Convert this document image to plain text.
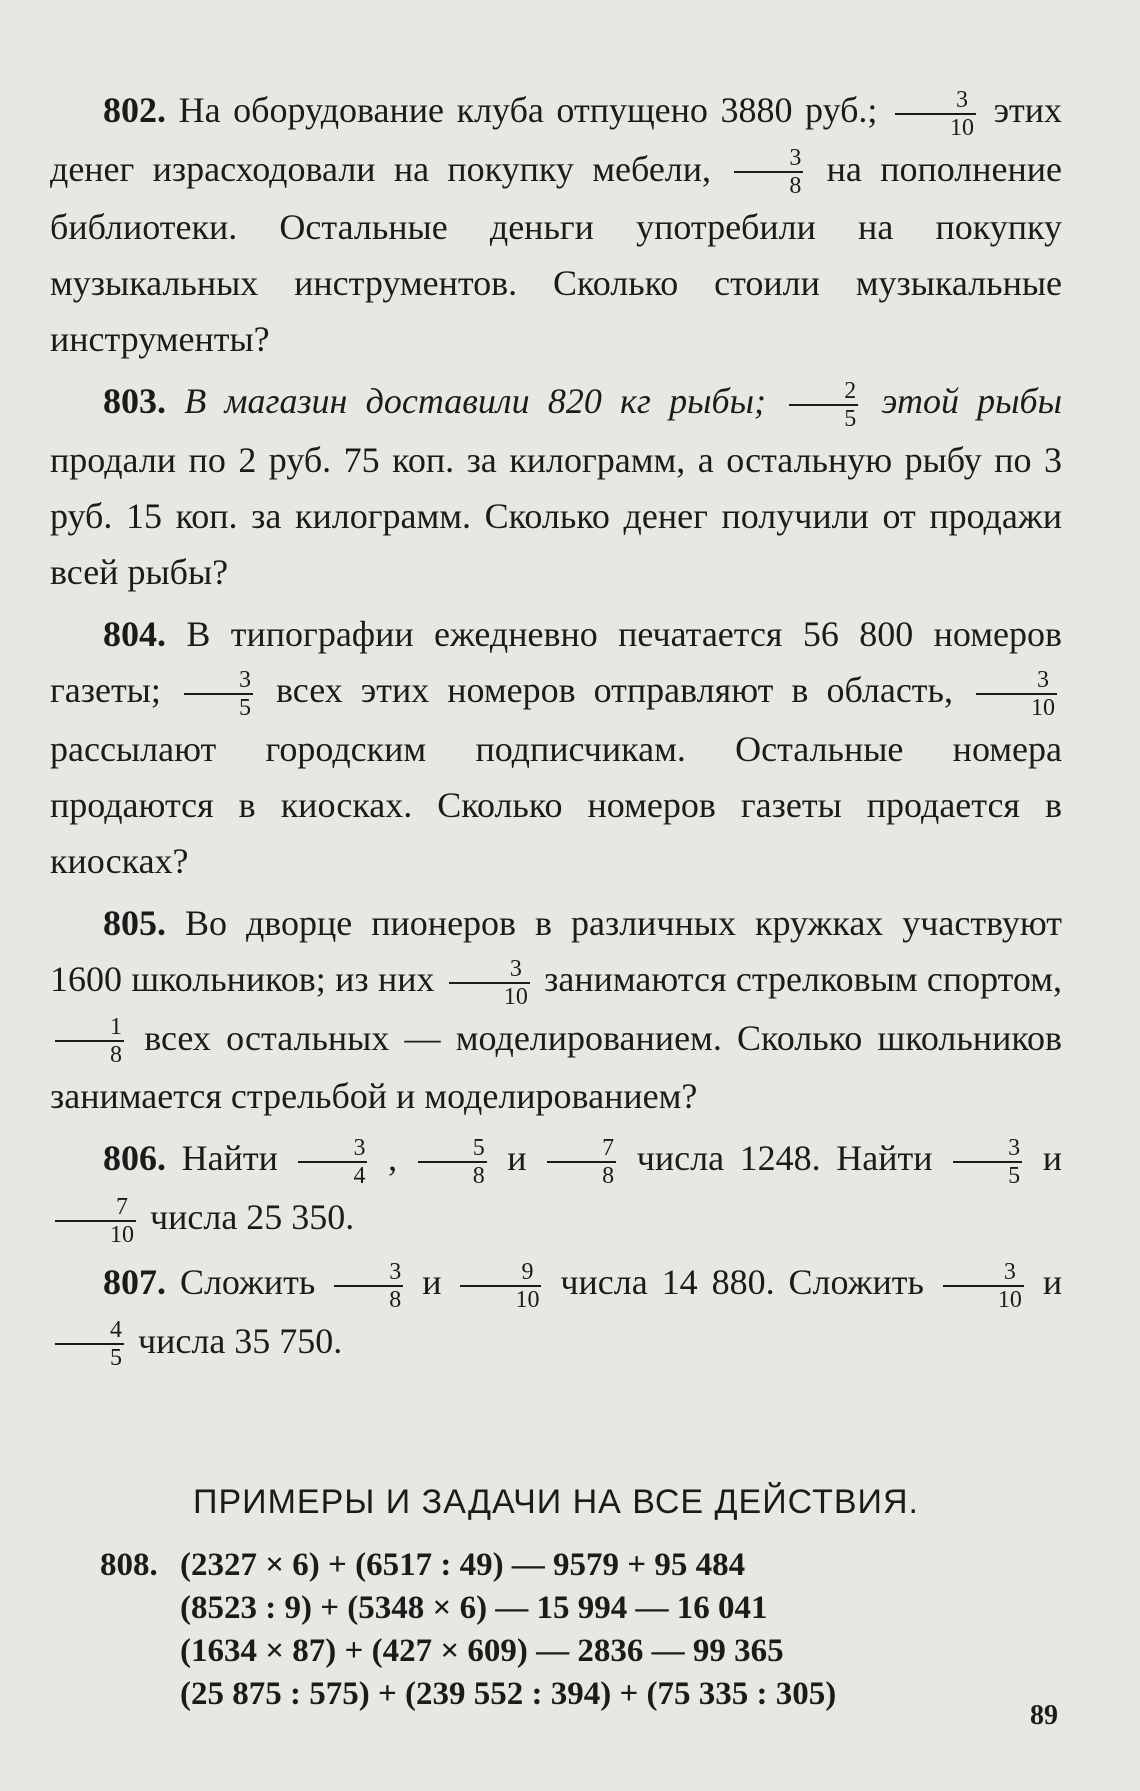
802. На оборудование клуба отпущено 3880 руб.; $\frac{3}{10}$ этих денег израсходовали на покупку мебели, $\frac{3}{8}$ на пополнение библиотеки. Остальные деньги употребили на покупку музыкальных инструментов. Сколько стоили музыкальные инструменты?
803. В магазин доставили 820 кг рыбы; $\frac{2}{5}$ этой рыбы продали по 2 руб. 75 коп. за килограмм, а остальную рыбу по 3 руб. 15 коп. за килограмм. Сколько денег получили от продажи всей рыбы?
804. В типографии ежедневно печатается 56 800 номеров газеты; $\frac{3}{5}$ всех этих номеров отправляют в область, $\frac{3}{10}$
рассылают городским подписчикам. Остальные номера продаются в киосках. Сколько номеров газеты продается в киосках?
805. Во дворце пионеров в различных кружках участвуют 1600 школьников; из них $\frac{3}{10}$ занимаются стрелковым спортом,
$\frac{1}{8}$ всех остальных — моделированием. Сколько школьников занимается стрельбой и моделированием?
806. Найти $\frac{3}{4}$ , $\frac{5}{8}$ и $\frac{7}{8}$ числа 1248. Найти $\frac{3}{5}$ и
$\frac{7}{10}$ числа 25 350.
807. Сложить $\frac{3}{8}$ и $\frac{9}{10}$ числа 14 880. Сложить $\frac{3}{10}$ и
$\frac{4}{5}$ числа 35 750.
ПРИМЕРЫ И ЗАДАЧИ НА ВСЕ ДЕЙСТВИЯ.
808. (2327 × 6) + (6517 : 49) — 9579 + 95 484
(8523 : 9) + (5348 × 6) — 15 994 — 16 041
(1634 × 87) + (427 × 609) — 2836 — 99 365
(25 875 : 575) + (239 552 : 394) + (75 335 : 305)
89
